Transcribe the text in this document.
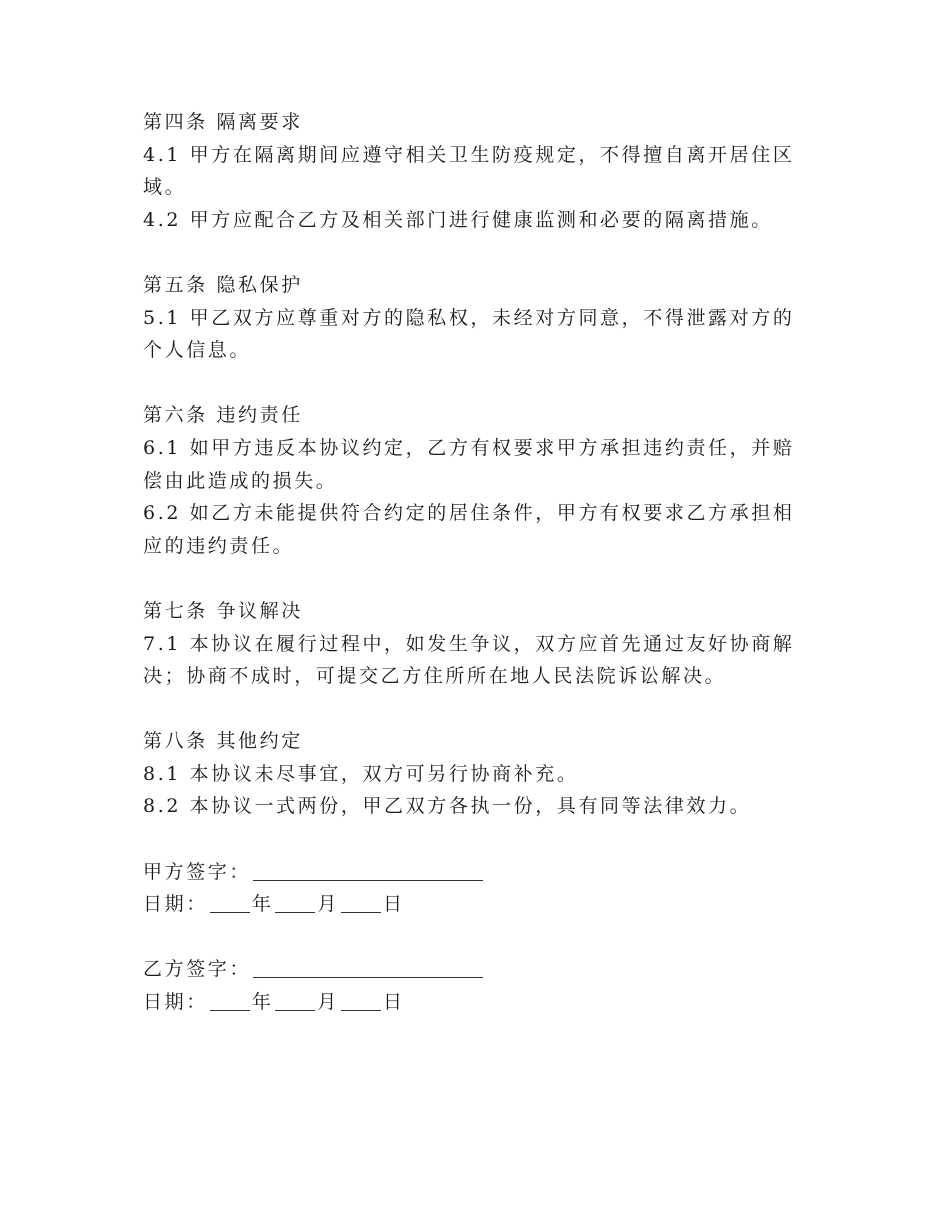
第四条 隔离要求
4.1 甲方在隔离期间应遵守相关卫生防疫规定，不得擅自离开居住区
域。
4.2 甲方应配合乙方及相关部门进行健康监测和必要的隔离措施。
第五条 隐私保护
5.1 甲乙双方应尊重对方的隐私权，未经对方同意，不得泄露对方的
个人信息。
第六条 违约责任
6.1 如甲方违反本协议约定，乙方有权要求甲方承担违约责任，并赔
偿由此造成的损失。
6.2 如乙方未能提供符合约定的居住条件，甲方有权要求乙方承担相
应的违约责任。
第七条 争议解决
7.1 本协议在履行过程中，如发生争议，双方应首先通过友好协商解
决；协商不成时，可提交乙方住所所在地人民法院诉讼解决。
第八条 其他约定
8.1 本协议未尽事宜，双方可另行协商补充。
8.2 本协议一式两份，甲乙双方各执一份，具有同等法律效力。
甲方签字：
日期： 年 月 日
乙方签字：
日期： 年 月 日
